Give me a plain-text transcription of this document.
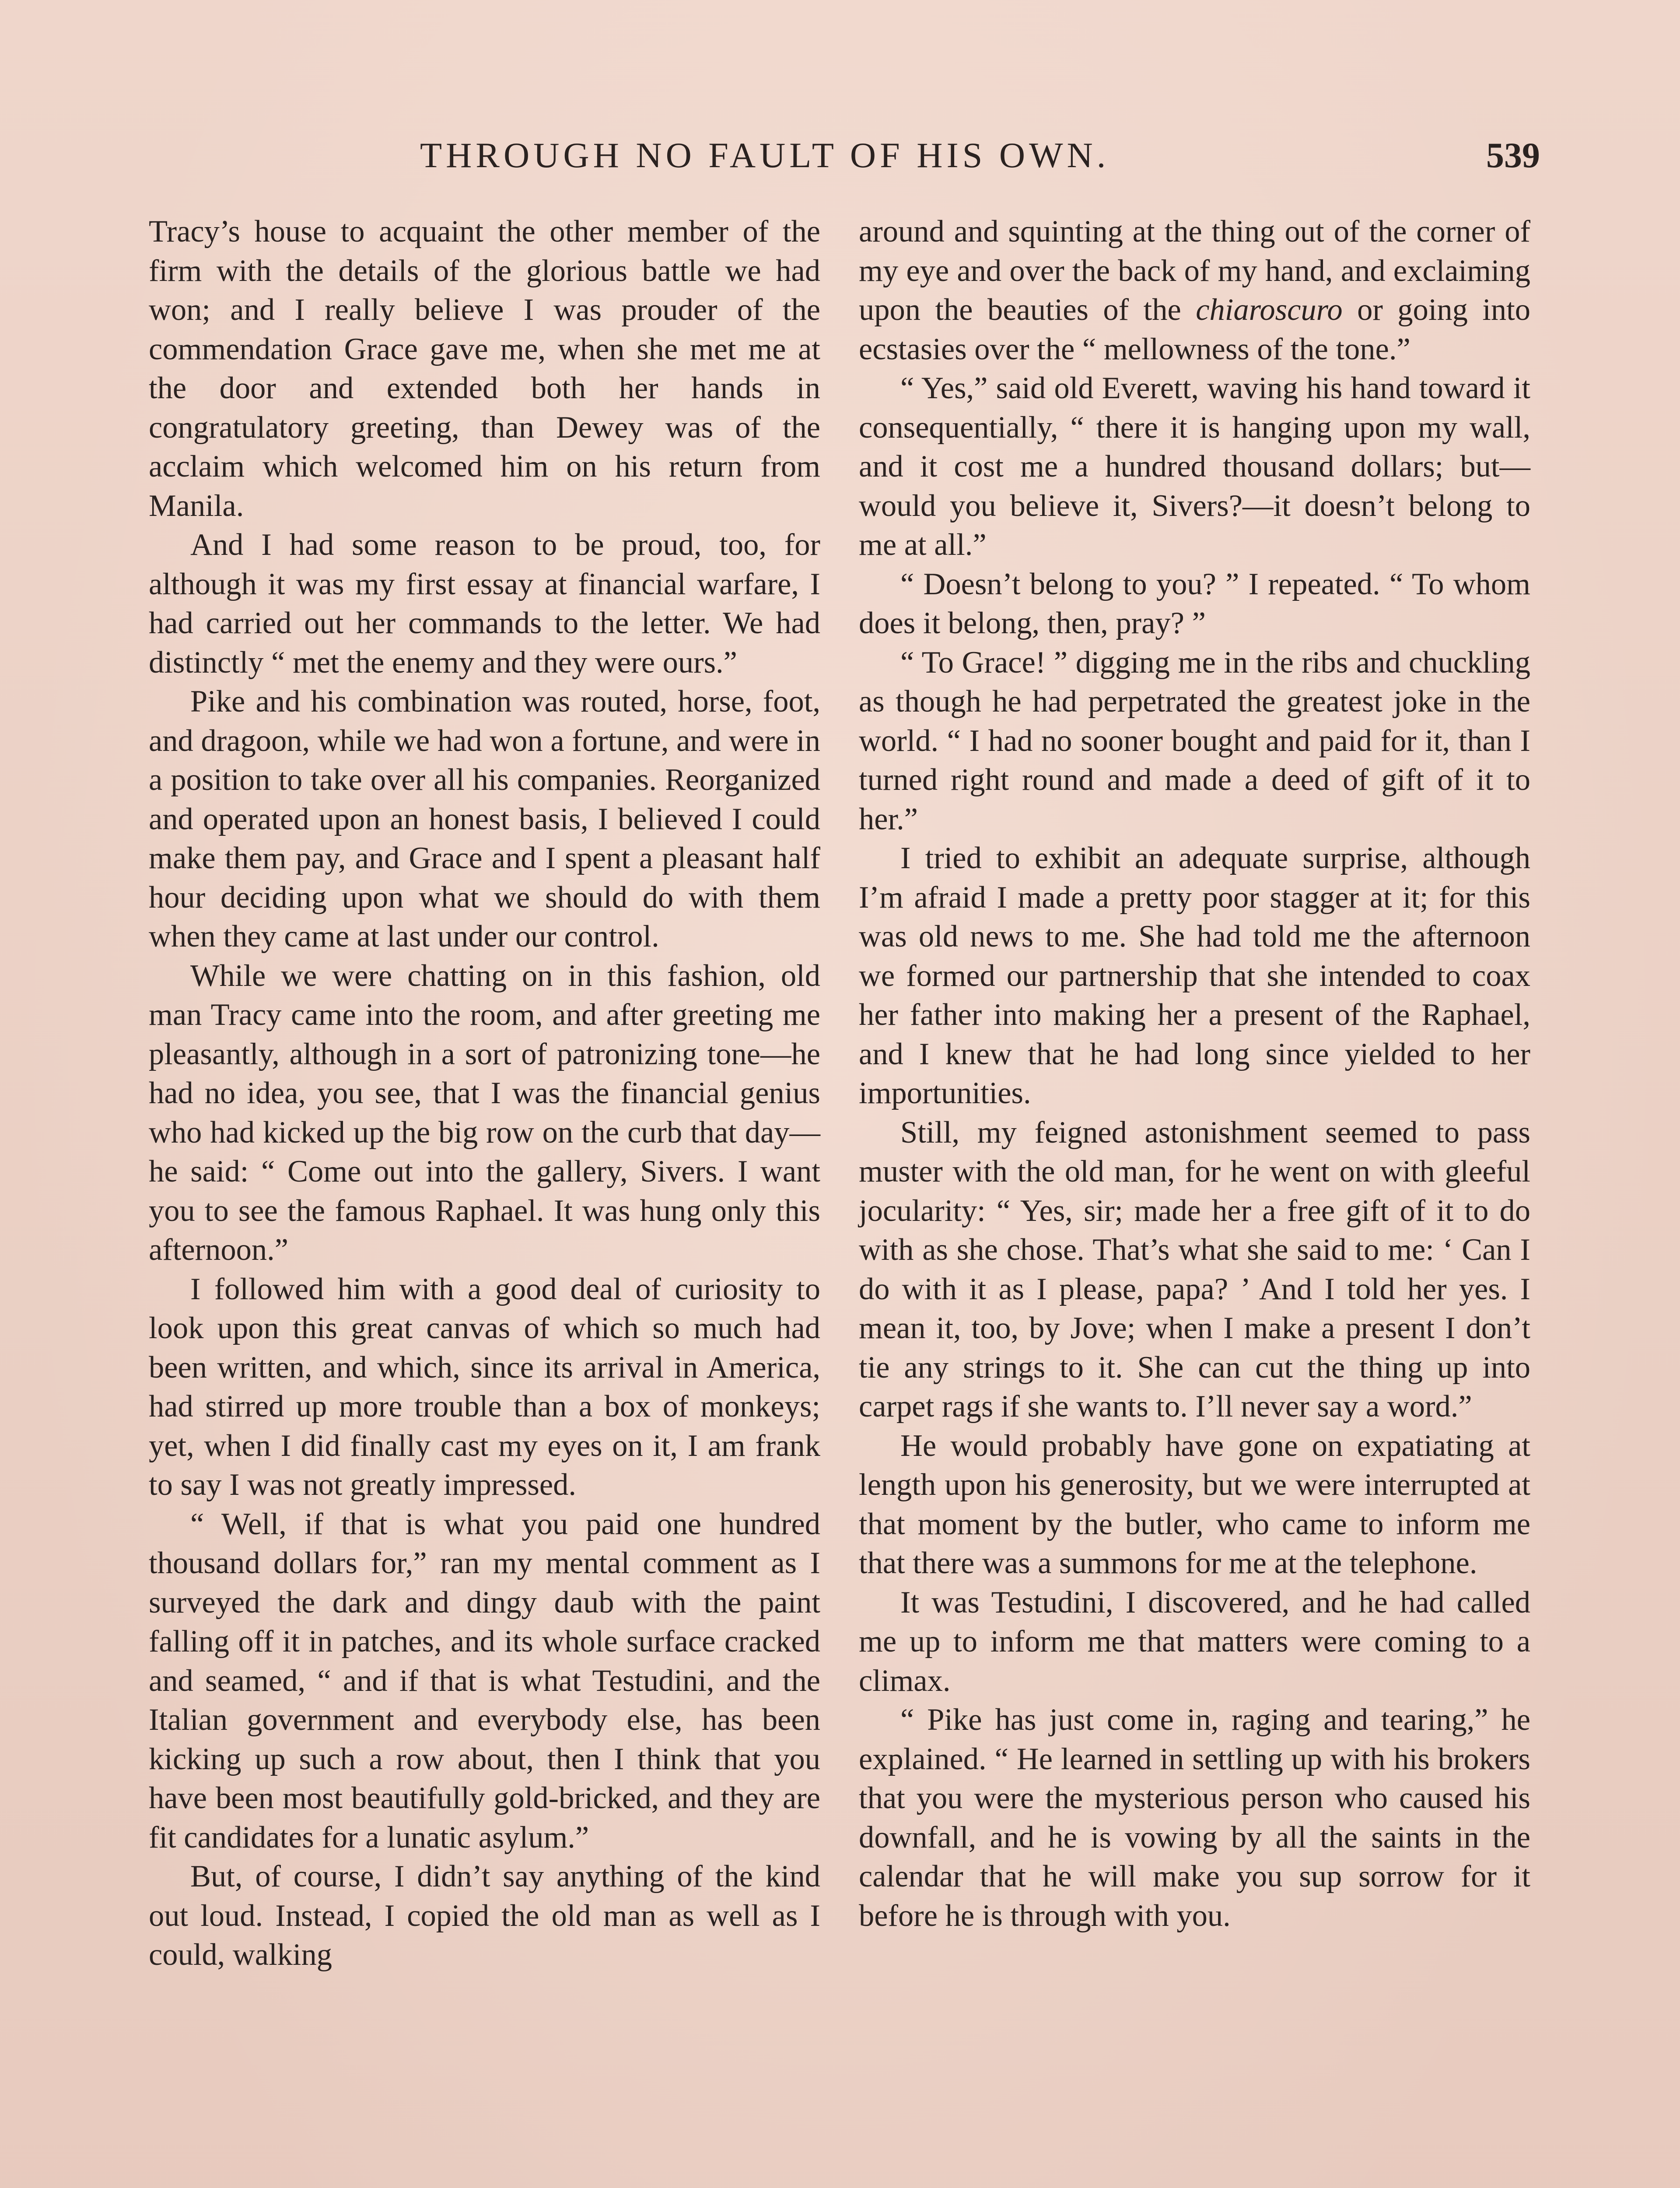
THROUGH NO FAULT OF HIS OWN.	539

Tracy’s house to acquaint the other member of the firm with the details of the glorious battle we had won; and I really believe I was prouder of the commendation Grace gave me, when she met me at the door and extended both her hands in congratulatory greeting, than Dewey was of the acclaim which welcomed him on his return from Manila.

And I had some reason to be proud, too, for although it was my first essay at financial warfare, I had carried out her commands to the letter. We had distinctly “ met the enemy and they were ours.”

Pike and his combination was routed, horse, foot, and dragoon, while we had won a fortune, and were in a position to take over all his companies. Reorganized and operated upon an honest basis, I believed I could make them pay, and Grace and I spent a pleasant half hour deciding upon what we should do with them when they came at last under our control.

While we were chatting on in this fashion, old man Tracy came into the room, and after greeting me pleasantly, although in a sort of patronizing tone—he had no idea, you see, that I was the financial genius who had kicked up the big row on the curb that day—he said: “ Come out into the gallery, Sivers. I want you to see the famous Raphael. It was hung only this afternoon.”

I followed him with a good deal of curiosity to look upon this great canvas of which so much had been written, and which, since its arrival in America, had stirred up more trouble than a box of monkeys; yet, when I did finally cast my eyes on it, I am frank to say I was not greatly impressed.

“ Well, if that is what you paid one hundred thousand dollars for,” ran my mental comment as I surveyed the dark and dingy daub with the paint falling off it in patches, and its whole surface cracked and seamed, “ and if that is what Testudini, and the Italian government and everybody else, has been kicking up such a row about, then I think that you have been most beautifully gold-bricked, and they are fit candidates for a lunatic asylum.”

But, of course, I didn’t say anything of the kind out loud. Instead, I copied the old man as well as I could, walking

around and squinting at the thing out of the corner of my eye and over the back of my hand, and exclaiming upon the beauties of the chiaroscuro or going into ecstasies over the “ mellowness of the tone.”

“ Yes,” said old Everett, waving his hand toward it consequentially, “ there it is hanging upon my wall, and it cost me a hundred thousand dollars; but—would you believe it, Sivers?—it doesn’t belong to me at all.”

“ Doesn’t belong to you? ” I repeated. “ To whom does it belong, then, pray? ”

“ To Grace! ” digging me in the ribs and chuckling as though he had perpetrated the greatest joke in the world. “ I had no sooner bought and paid for it, than I turned right round and made a deed of gift of it to her.”

I tried to exhibit an adequate surprise, although I’m afraid I made a pretty poor stagger at it; for this was old news to me. She had told me the afternoon we formed our partnership that she intended to coax her father into making her a present of the Raphael, and I knew that he had long since yielded to her importunities.

Still, my feigned astonishment seemed to pass muster with the old man, for he went on with gleeful jocularity: “ Yes, sir; made her a free gift of it to do with as she chose. That’s what she said to me: ‘ Can I do with it as I please, papa? ’ And I told her yes. I mean it, too, by Jove; when I make a present I don’t tie any strings to it. She can cut the thing up into carpet rags if she wants to. I’ll never say a word.”

He would probably have gone on expatiating at length upon his generosity, but we were interrupted at that moment by the butler, who came to inform me that there was a summons for me at the telephone.

It was Testudini, I discovered, and he had called me up to inform me that matters were coming to a climax.

“ Pike has just come in, raging and tearing,” he explained. “ He learned in settling up with his brokers that you were the mysterious person who caused his downfall, and he is vowing by all the saints in the calendar that he will make you sup sorrow for it before he is through with you.
